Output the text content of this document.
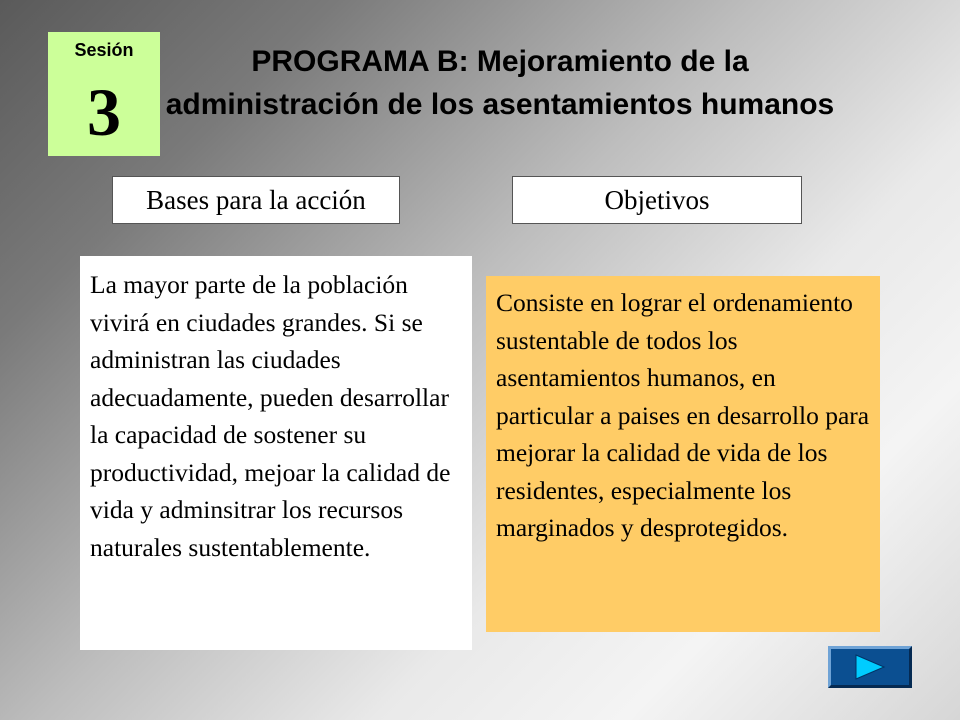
Sesión
3
PROGRAMA B: Mejoramiento de la administración de los asentamientos humanos
Bases para la acción	Objetivos
La mayor parte de la población vivirá en ciudades grandes. Si se administran las ciudades adecuadamente, pueden desarrollar la capacidad de sostener su productividad, mejoar la calidad de vida y adminsitrar los recursos naturales sustentablemente.
Consiste en lograr el ordenamiento sustentable de todos los asentamientos humanos, en particular a paises en desarrollo para mejorar la calidad de vida de los residentes, especialmente los marginados y desprotegidos.
